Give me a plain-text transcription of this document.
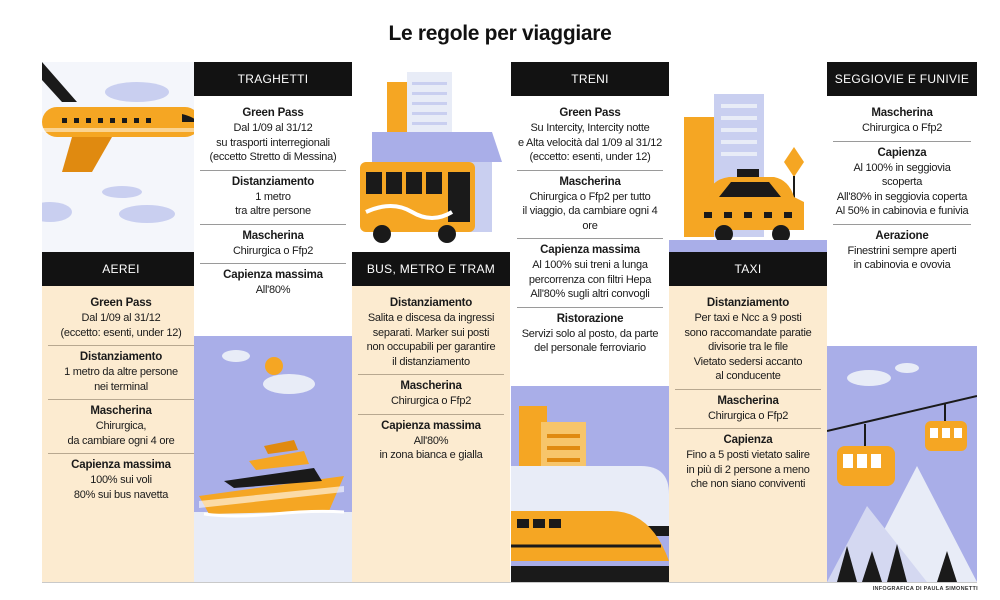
Le regole per viaggiare
AEREI
Green Pass
Dal 1/09 al 31/12
(eccetto: esenti, under 12)
Distanziamento
1 metro da altre persone
nei terminal
Mascherina
Chirurgica,
da cambiare ogni 4 ore
Capienza massima
100% sui voli
80% sui bus navetta
TRAGHETTI
Green Pass
Dal 1/09 al 31/12
su trasporti interregionali
(eccetto Stretto di Messina)
Distanziamento
1 metro
tra altre persone
Mascherina
Chirurgica o Ffp2
Capienza massima
All'80%
BUS, METRO E TRAM
Distanziamento
Salita e discesa da ingressi
separati. Marker sui posti
non occupabili per garantire
il distanziamento
Mascherina
Chirurgica o Ffp2
Capienza massima
All'80%
in zona bianca e gialla
TRENI
Green Pass
Su Intercity, Intercity notte
e Alta velocità dal 1/09 al 31/12
(eccetto: esenti, under 12)
Mascherina
Chirurgica o Ffp2 per tutto
il viaggio, da cambiare ogni 4 ore
Capienza massima
Al 100% sui treni a lunga
percorrenza con filtri Hepa
All'80% sugli altri convogli
Ristorazione
Servizi solo al posto, da parte
del personale ferroviario
TAXI
Distanziamento
Per taxi e Ncc a 9 posti
sono raccomandate paratie
divisorie tra le file
Vietato sedersi accanto
al conducente
Mascherina
Chirurgica o Ffp2
Capienza
Fino a 5 posti vietato salire
in più di 2 persone a meno
che non siano conviventi
SEGGIOVIE E FUNIVIE
Mascherina
Chirurgica o Ffp2
Capienza
Al 100% in seggiovia scoperta
All'80% in seggiovia coperta
Al 50% in cabinovia e funivia
Aerazione
Finestrini sempre aperti
in cabinovia e ovovia
INFOGRAFICA DI PAULA SIMONETTI
